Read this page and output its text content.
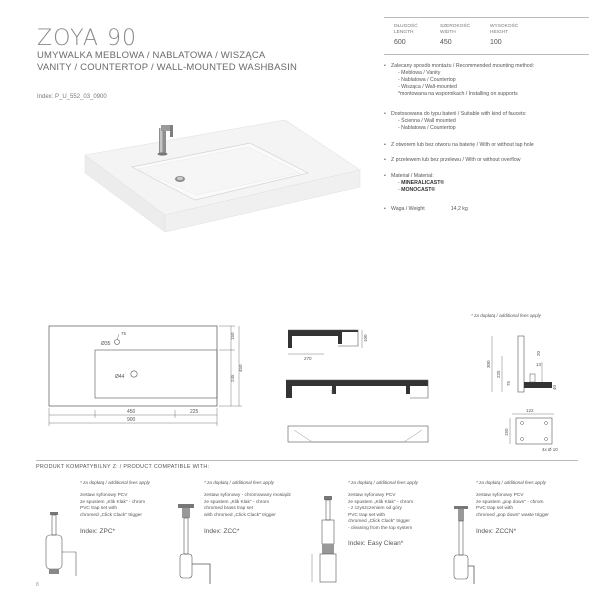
ZOYA 90
UMYWALKA MEBLOWA / NABLATOWA / WISZĄCA
VANITY / COUNTERTOP / WALL-MOUNTED WASHBASIN
Index: P_U_552_03_0900
DŁUGOŚĆ
LENGTH
600
SZEROKOŚĆ
WIDTH
450
WYSOKOŚĆ
HEIGHT
100
• Zalecany sposób montażu / Recommended mounting method:
- Meblowa / Vanity
- Nablatowa / Countertop
- Wisząca / Wall-mounted
*montowana na wspornikach / Installing on supports
• Dostosowana do typu baterii / Suitable with kind of faucets:
- Ścienna / Wall mounted
- Nablatowa / Countertop
• Z otworem lub bez otworu na baterię / With or without tap hole
• Z przelewem lub bez przelewu / With or without overflow
• Materiał / Material:
- MINERALICAST®
- MONOCAST®
• Waga / Weight	14,2 kg
Ø35
Ø44
75
450	225
900
150
245
450
270
100
82
* za dopłatą / additional fees apply
300
225
75
20
13
40
122
150
4x Ø 10
PRODUKT KOMPATYBILNY Z: / PRODUCT COMPATIBLE WITH:
* za dopłatą / additional fees apply
zestaw syfonowy PCV
ze spustem „Klik Klak" - chrom
PVC trap set with
chromed „Click Clack" trigger
Index: ZPC*
* za dopłatą / additional fees apply
zestaw syfonowy - chromowany mosiądz
ze spustem „Klik Klak" - chrom
chromed brass trap set
with chromed „Click Clack" trigger
Index: ZCC*
* za dopłatą / additional fees apply
zestaw syfonowy PCV
ze spustem „Klik Klak" - chrom
- z czyszczeniem od góry
PVC trap set with
chromed „Click Clack" trigger
- cleaning from the top system
Index: Easy Clean*
* za dopłatą / additional fees apply
zestaw syfonowy PCV
ze spustem „pop down" - chrom
PVC trap set with
chromed „pop down" waste trigger
Index: ZCCN*
8
